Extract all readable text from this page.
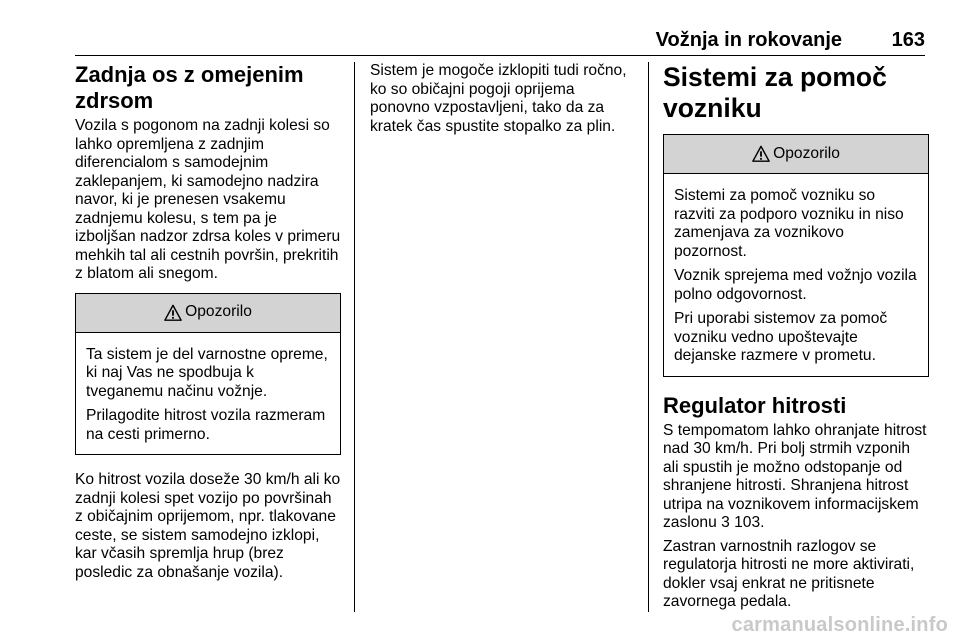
Vožnja in rokovanje 163
Zadnja os z omejenim zdrsom

Vozila s pogonom na zadnji kolesi so lahko opremljena z zadnjim diferencialom s samodejnim zaklepanjem, ki samodejno nadzira navor, ki je prenesen vsakemu zadnjemu kolesu, s tem pa je izboljšan nadzor zdrsa koles v primeru mehkih tal ali cestnih površin, prekritih z blatom ali snegom.

Opozorilo

Ta sistem je del varnostne opreme, ki naj Vas ne spodbuja k tveganemu načinu vožnje.

Prilagodite hitrost vozila razmeram na cesti primerno.

Ko hitrost vozila doseže 30 km/h ali ko zadnji kolesi spet vozijo po površinah z običajnim oprijemom, npr. tlakovane ceste, se sistem samodejno izklopi, kar včasih spremlja hrup (brez posledic za obnašanje vozila).

Sistem je mogoče izklopiti tudi ročno, ko so običajni pogoji oprijema ponovno vzpostavljeni, tako da za kratek čas spustite stopalko za plin.

Sistemi za pomoč vozniku
Opozorilo

Sistemi za pomoč vozniku so razviti za podporo vozniku in niso zamenjava za voznikovo pozornost.

Voznik sprejema med vožnjo vozila polno odgovornost.

Pri uporabi sistemov za pomoč vozniku vedno upoštevajte dejanske razmere v prometu.

Regulator hitrosti

S tempomatom lahko ohranjate hitrost nad 30 km/h. Pri bolj strmih vzponih ali spustih je možno odstopanje od shranjene hitrosti. Shranjena hitrost utripa na voznikovem informacijskem zaslonu 3 103.

Zastran varnostnih razlogov se regulatorja hitrosti ne more aktivirati, dokler vsaj enkrat ne pritisnete zavornega pedala.

carmanualsonline.info
